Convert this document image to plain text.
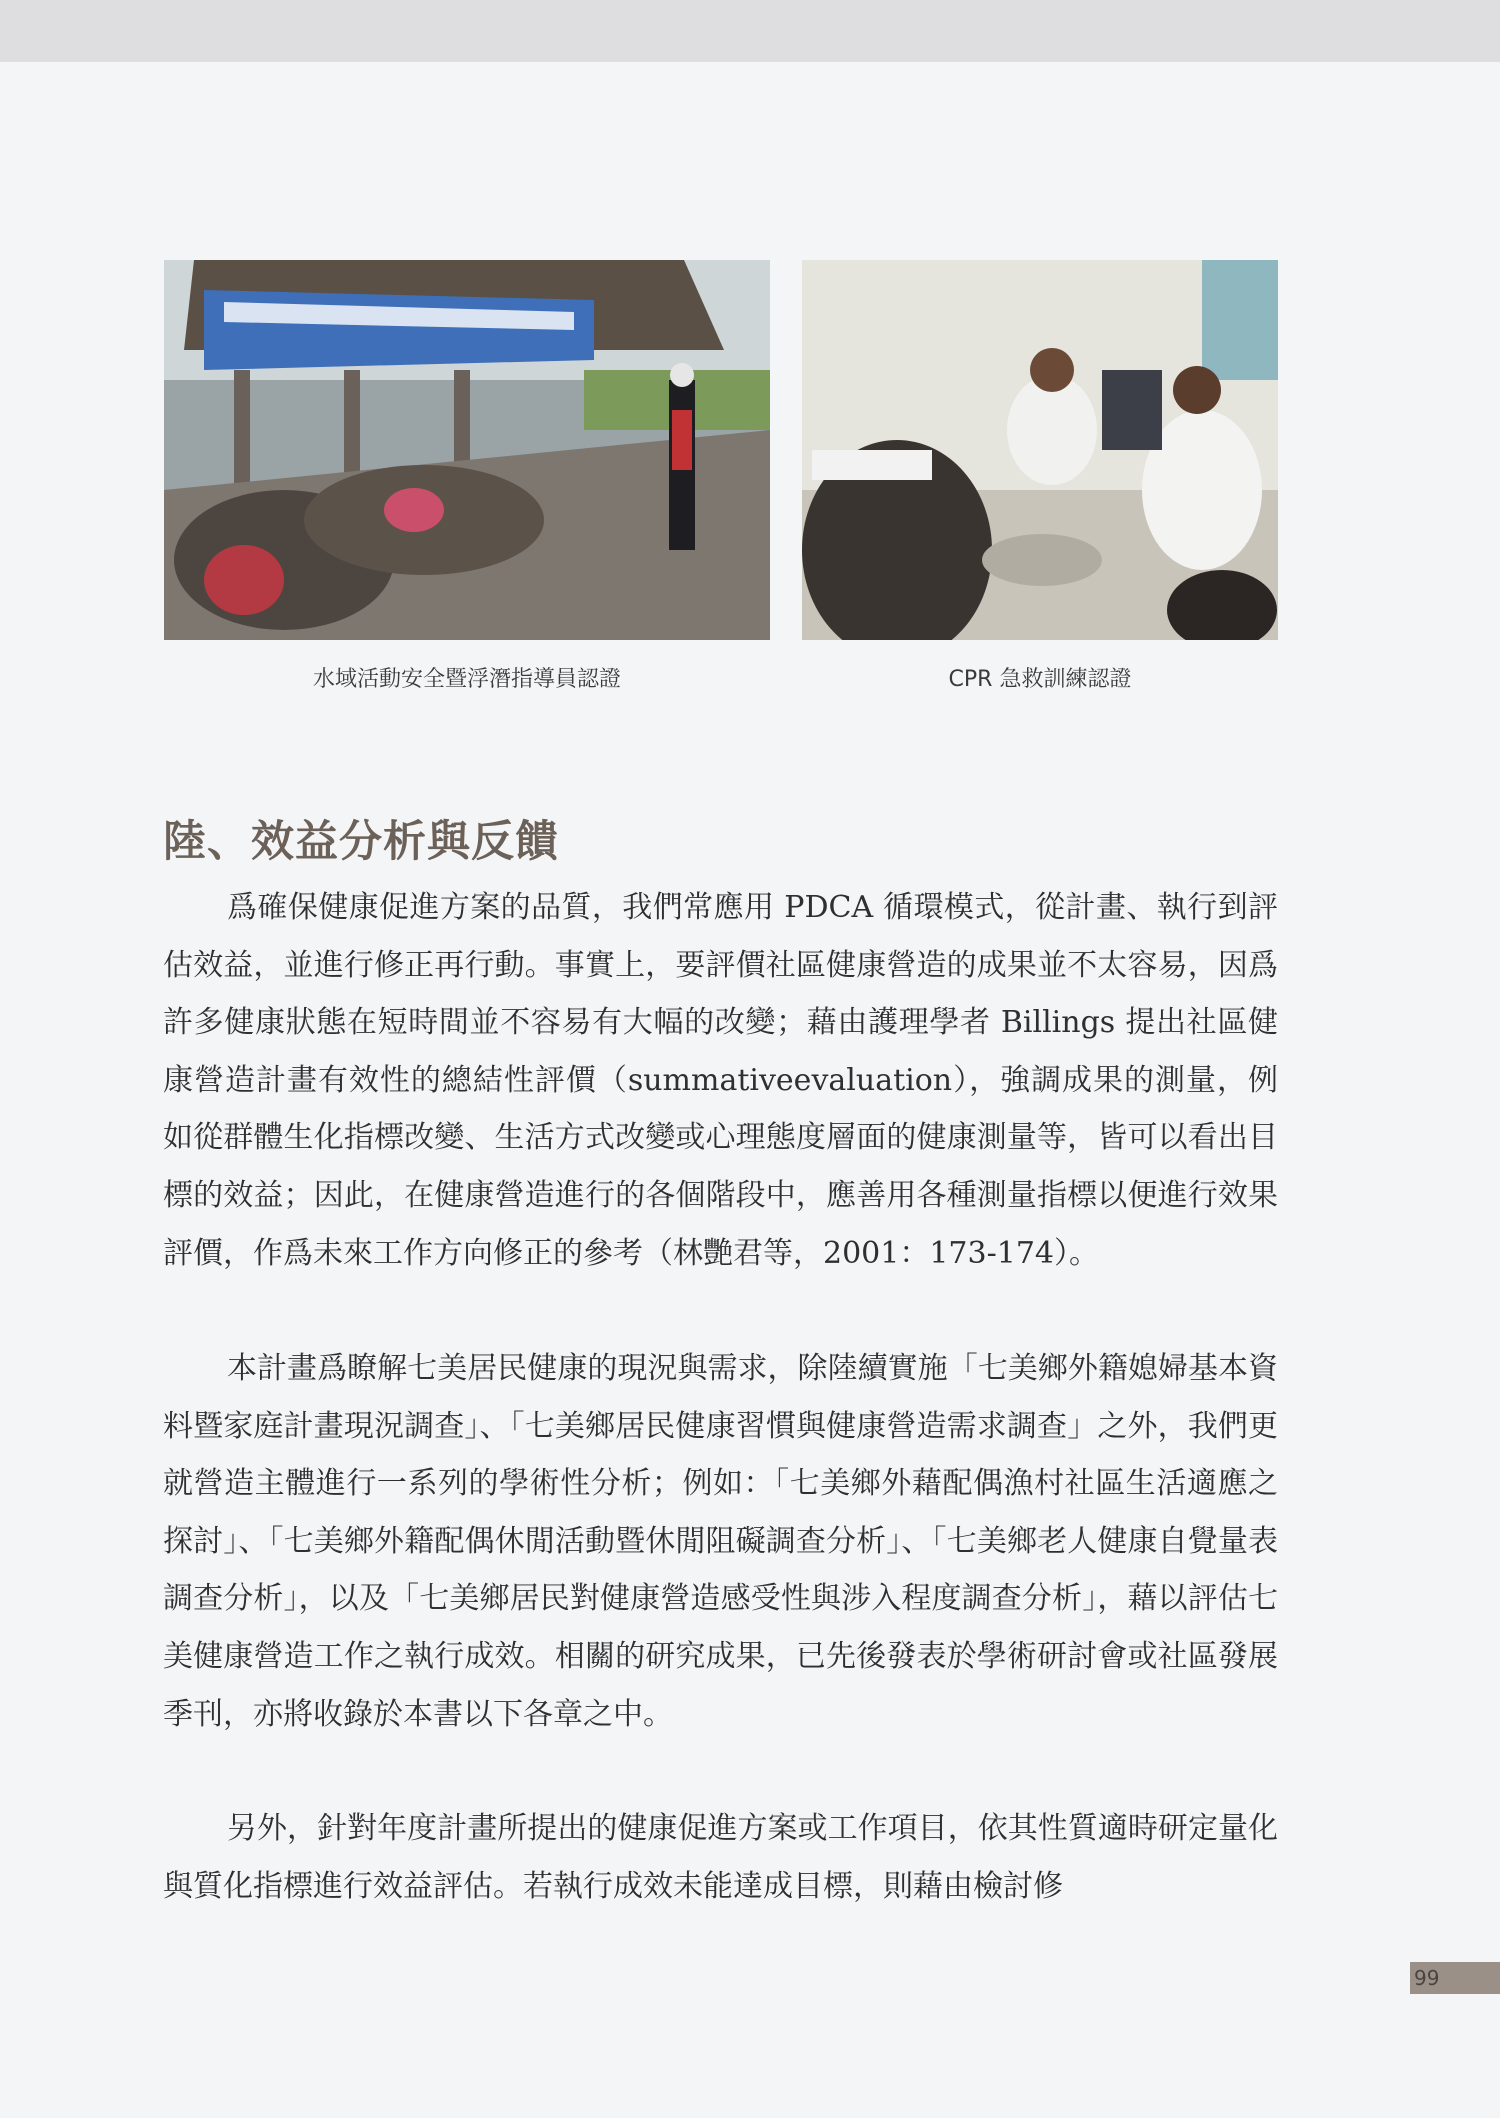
水域活動安全暨浮潛指導員認證	CPR 急救訓練認證
陸、效益分析與反饋

爲確保健康促進方案的品質，我們常應用 PDCA 循環模式，從計畫、執行到評估效益，並進行修正再行動。事實上，要評價社區健康營造的成果並不太容易，因爲許多健康狀態在短時間並不容易有大幅的改變；藉由護理學者 Billings 提出社區健康營造計畫有效性的總結性評價（summativeevaluation），強調成果的測量，例如從群體生化指標改變、生活方式改變或心理態度層面的健康測量等，皆可以看出目標的效益；因此，在健康營造進行的各個階段中，應善用各種測量指標以便進行效果評價，作爲未來工作方向修正的參考（林艷君等，2001：173-174）。

本計畫爲瞭解七美居民健康的現況與需求，除陸續實施「七美鄉外籍媳婦基本資料暨家庭計畫現況調查」、「七美鄉居民健康習慣與健康營造需求調查」之外，我們更就營造主體進行一系列的學術性分析；例如：「七美鄉外藉配偶漁村社區生活適應之探討」、「七美鄉外籍配偶休閒活動暨休閒阻礙調查分析」、「七美鄉老人健康自覺量表調查分析」，以及「七美鄉居民對健康營造感受性與涉入程度調查分析」，藉以評估七美健康營造工作之執行成效。相關的研究成果，已先後發表於學術研討會或社區發展季刊，亦將收錄於本書以下各章之中。

另外，針對年度計畫所提出的健康促進方案或工作項目，依其性質適時研定量化與質化指標進行效益評估。若執行成效未能達成目標，則藉由檢討修

99
